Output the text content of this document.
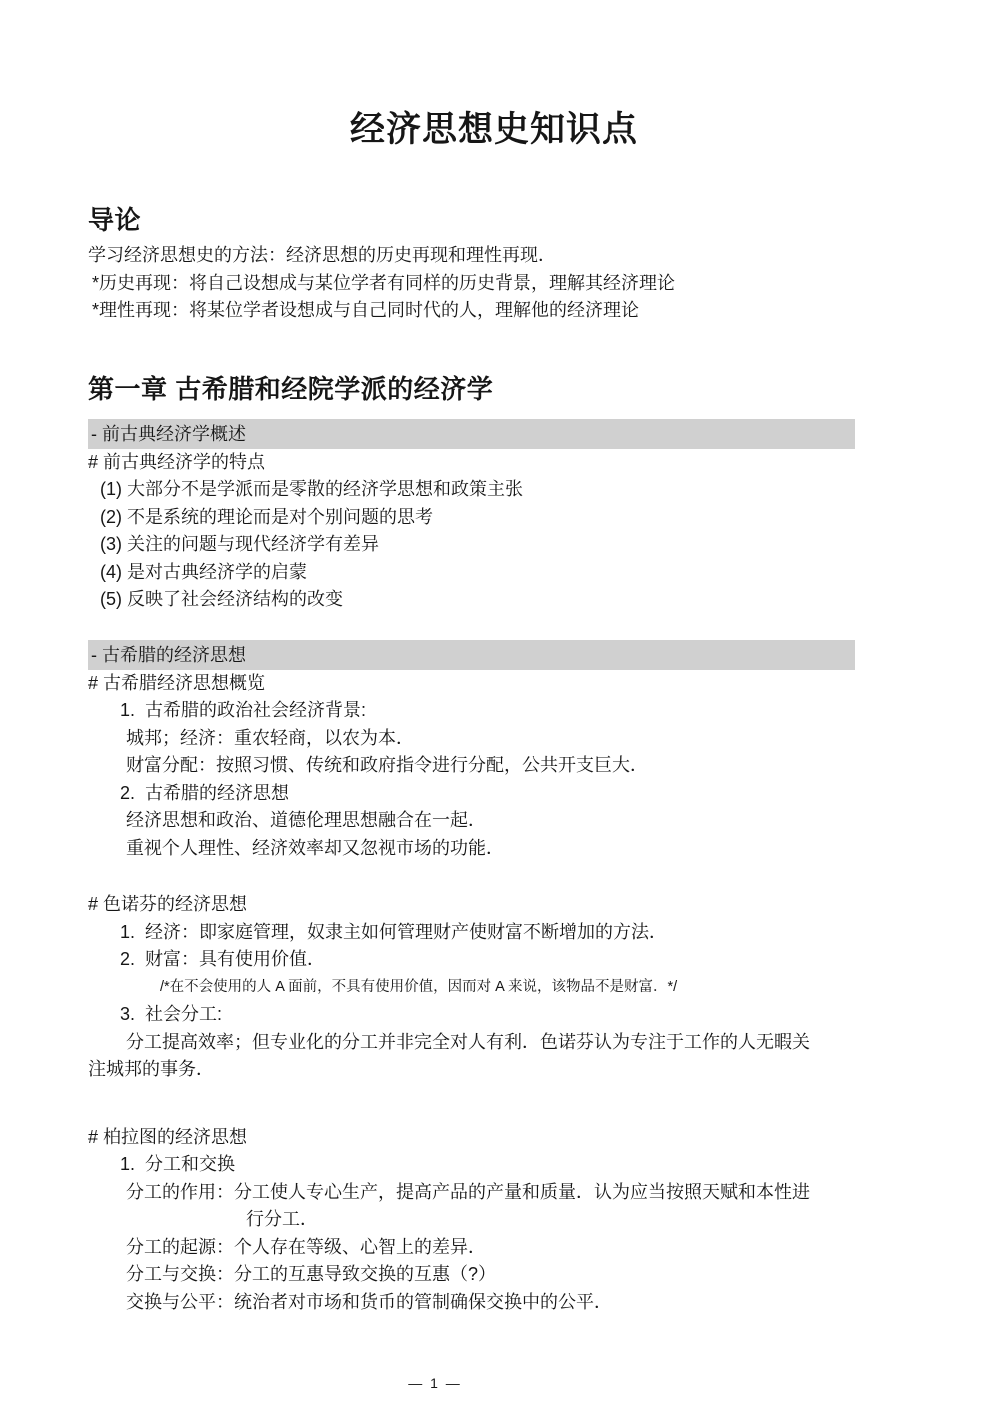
经济思想史知识点
导论
学习经济思想史的方法：经济思想的历史再现和理性再现．
*历史再现：将自己设想成与某位学者有同样的历史背景，理解其经济理论
*理性再现：将某位学者设想成与自己同时代的人，理解他的经济理论
第一章 古希腊和经院学派的经济学
- 前古典经济学概述
# 前古典经济学的特点
(1) 大部分不是学派而是零散的经济学思想和政策主张
(2) 不是系统的理论而是对个别问题的思考
(3) 关注的问题与现代经济学有差异
(4) 是对古典经济学的启蒙
(5) 反映了社会经济结构的改变
- 古希腊的经济思想
# 古希腊经济思想概览
1.  古希腊的政治社会经济背景:
城邦；经济：重农轻商，以农为本．
财富分配：按照习惯、传统和政府指令进行分配，公共开支巨大．
2.  古希腊的经济思想
经济思想和政治、道德伦理思想融合在一起．
重视个人理性、经济效率却又忽视市场的功能．
# 色诺芬的经济思想
1.  经济：即家庭管理，奴隶主如何管理财产使财富不断增加的方法．
2.  财富：具有使用价值．
/*在不会使用的人 A 面前，不具有使用价值，因而对 A 来说，该物品不是财富．*/
3.  社会分工:
分工提高效率；但专业化的分工并非完全对人有利．色诺芬认为专注于工作的人无暇关
注城邦的事务．
# 柏拉图的经济思想
1.  分工和交换
分工的作用：分工使人专心生产，提高产品的产量和质量．认为应当按照天赋和本性进
行分工．
分工的起源：个人存在等级、心智上的差异．
分工与交换：分工的互惠导致交换的互惠（?）
交换与公平：统治者对市场和货币的管制确保交换中的公平．
— 1 —
